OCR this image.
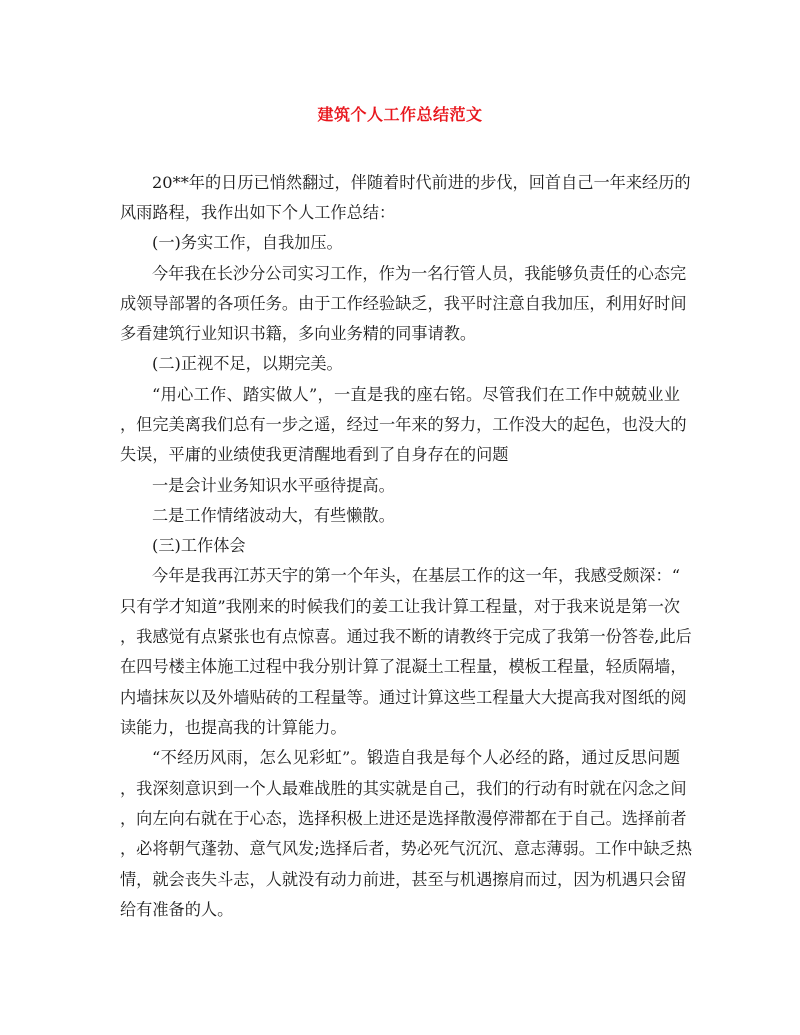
建筑个人工作总结范文
20**年的日历已悄然翻过，伴随着时代前进的步伐，回首自己一年来经历的
风雨路程，我作出如下个人工作总结：
(一)务实工作，自我加压。
今年我在长沙分公司实习工作，作为一名行管人员，我能够负责任的心态完
成领导部署的各项任务。由于工作经验缺乏，我平时注意自我加压，利用好时间
多看建筑行业知识书籍，多向业务精的同事请教。
(二)正视不足，以期完美。
“用心工作、踏实做人”，一直是我的座右铭。尽管我们在工作中兢兢业业
，但完美离我们总有一步之遥，经过一年来的努力，工作没大的起色，也没大的
失误，平庸的业绩使我更清醒地看到了自身存在的问题
一是会计业务知识水平亟待提高。
二是工作情绪波动大，有些懒散。
(三)工作体会
今年是我再江苏天宇的第一个年头，在基层工作的这一年，我感受颇深：“
只有学才知道”我刚来的时候我们的姜工让我计算工程量，对于我来说是第一次
，我感觉有点紧张也有点惊喜。通过我不断的请教终于完成了我第一份答卷,此后
在四号楼主体施工过程中我分别计算了混凝土工程量，模板工程量，轻质隔墙，
内墙抹灰以及外墙贴砖的工程量等。通过计算这些工程量大大提高我对图纸的阅
读能力，也提高我的计算能力。
“不经历风雨，怎么见彩虹”。锻造自我是每个人必经的路，通过反思问题
，我深刻意识到一个人最难战胜的其实就是自己，我们的行动有时就在闪念之间
，向左向右就在于心态，选择积极上进还是选择散漫停滞都在于自己。选择前者
，必将朝气蓬勃、意气风发;选择后者，势必死气沉沉、意志薄弱。工作中缺乏热
情，就会丧失斗志，人就没有动力前进，甚至与机遇擦肩而过，因为机遇只会留
给有准备的人。
